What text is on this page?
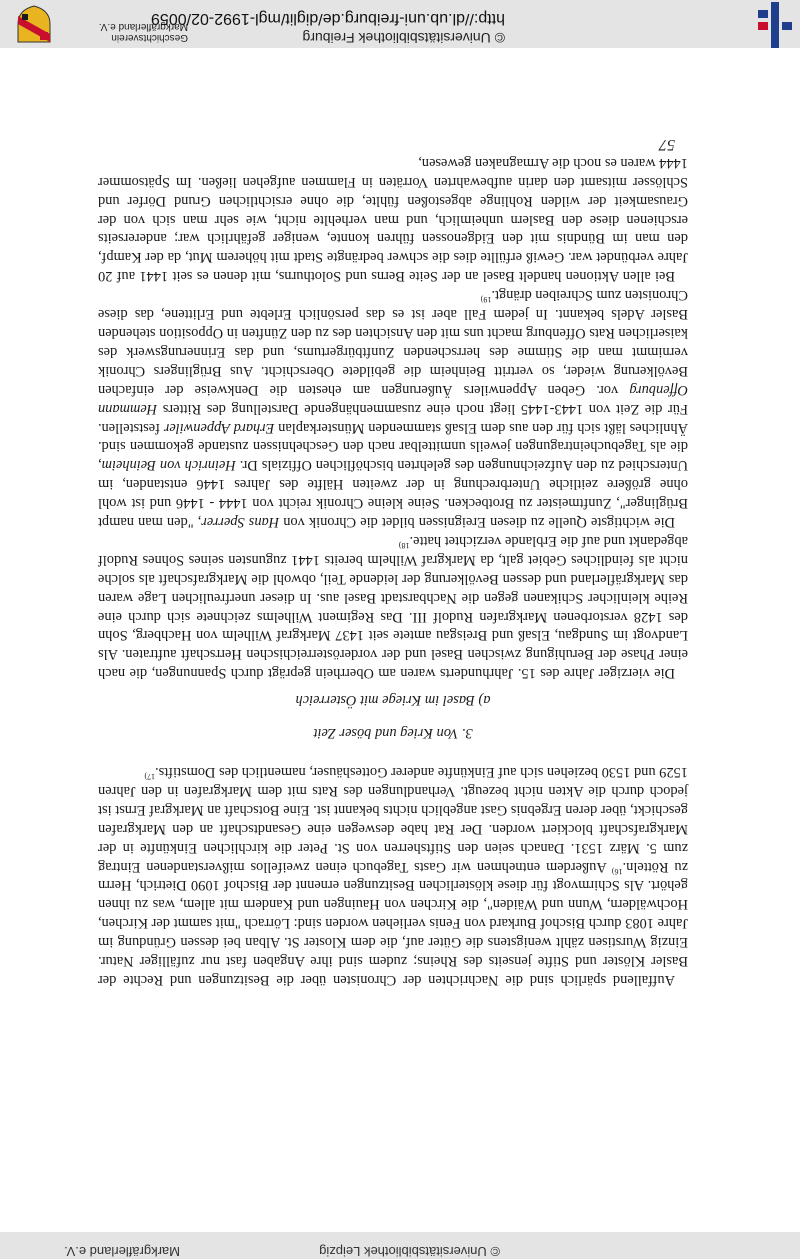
Geschichtsverein
Markgräflerland e.V.
© Universitätsbibliothek Freiburg
http://dl.ub.uni-freiburg.de/diglit/mgl-1992-02/0059

Auffallend spärlich sind die Nachrichten der Chronisten über die Besitzungen und Rechte der Basler Klöster und Stifte jenseits des Rheins; zudem sind ihre Angaben fast nur zufälliger Natur. Einzig Wurstisen zählt wenigstens die Güter auf, die dem Kloster St. Alban bei dessen Gründung im Jahre 1083 durch Bischof Burkard von Fenis verliehen worden sind: Lörrach "mit sammt der Kirchen, Hochwäldern, Wunn und Wäiden", die Kirchen von Hauingen und Kandern mit allem, was zu ihnen gehört. Als Schirmvogt für diese klösterlichen Besitzungen ernennt der Bischof 1090 Dietrich, Herrn zu Rötteln.$^{16)}$ Außerdem entnehmen wir Gasts Tagebuch einen zweifellos mißverstandenen Eintrag zum 5. März 1531. Danach seien den Stiftsherren von St. Peter die kirchlichen Einkünfte in der Markgrafschaft blockiert worden. Der Rat habe deswegen eine Gesandtschaft an den Markgrafen geschickt, über deren Ergebnis Gast angeblich nichts bekannt ist. Eine Botschaft an Markgraf Ernst ist jedoch durch die Akten nicht bezeugt. Verhandlungen des Rats mit dem Markgrafen in den Jahren 1529 und 1530 beziehen sich auf Einkünfte anderer Gotteshäuser, namentlich des Domstifts.$^{17)}$

3. Von Krieg und böser Zeit

a) Basel im Kriege mit Österreich

Die vierziger Jahre des 15. Jahrhunderts waren am Oberrhein geprägt durch Spannungen, die nach einer Phase der Beruhigung zwischen Basel und der vorderösterreichischen Herrschaft auftraten. Als Landvogt im Sundgau, Elsaß und Breisgau amtete seit 1437 Markgraf Wilhelm von Hachberg, Sohn des 1428 verstorbenen Markgrafen Rudolf III. Das Regiment Wilhelms zeichnete sich durch eine Reihe kleinlicher Schikanen gegen die Nachbarstadt Basel aus. In dieser unerfreulichen Lage waren das Markgräflerland und dessen Bevölkerung der leidende Teil, obwohl die Markgrafschaft als solche nicht als feindliches Gebiet galt, da Markgraf Wilhelm bereits 1441 zugunsten seines Sohnes Rudolf abgedankt und auf die Erblande verzichtet hatte.$^{18)}$

Die wichtigste Quelle zu diesen Ereignissen bildet die Chronik von Hans Sperrer, "den man nampt Brüglinger", Zunftmeister zu Brotbecken. Seine kleine Chronik reicht von 1444 - 1446 und ist wohl ohne größere zeitliche Unterbrechung in der zweiten Hälfte des Jahres 1446 entstanden, im Unterschied zu den Aufzeichnungen des gelehrten bischöflichen Offizials Dr. Heinrich von Beinheim, die als Tagebucheintragungen jeweils unmittelbar nach den Geschehnissen zustande gekommen sind. Ähnliches läßt sich für den aus dem Elsaß stammenden Münsterkaplan Erhard Appenwiler feststellen. Für die Zeit von 1443-1445 liegt noch eine zusammenhängende Darstellung des Ritters Hemmann Offenburg vor. Geben Appenwilers Äußerungen am ehesten die Denkweise der einfachen Bevölkerung wieder, so vertritt Beinheim die gebildete Oberschicht. Aus Brüglingers Chronik vernimmt man die Stimme des herrschenden Zunftbürgertums, und das Erinnerungswerk des kaiserlichen Rats Offenburg macht uns mit den Ansichten des zu den Zünften in Opposition stehenden Basler Adels bekannt. In jedem Fall aber ist es das persönlich Erlebte und Erlittene, das diese Chronisten zum Schreiben drängt.$^{19)}$

Bei allen Aktionen handelt Basel an der Seite Berns und Solothurns, mit denen es seit 1441 auf 20 Jahre verbündet war. Gewiß erfüllte dies die schwer bedrängte Stadt mit höherem Mut, da der Kampf, den man im Bündnis mit den Eidgenossen führen konnte, weniger gefährlich war; andererseits erschienen diese den Baslern unheimlich, und man verhehlte nicht, wie sehr man sich von der Grausamkeit der wilden Rohlinge abgestoßen fühlte, die ohne ersichtlichen Grund Dörfer und Schlösser mitsamt den darin aufbewahrten Vorräten in Flammen aufgehen ließen. Im Spätsommer 1444 waren es noch die Armagnaken gewesen,

57

© Universitätsbibliothek Leipzig
Markgräflerland e.V.
